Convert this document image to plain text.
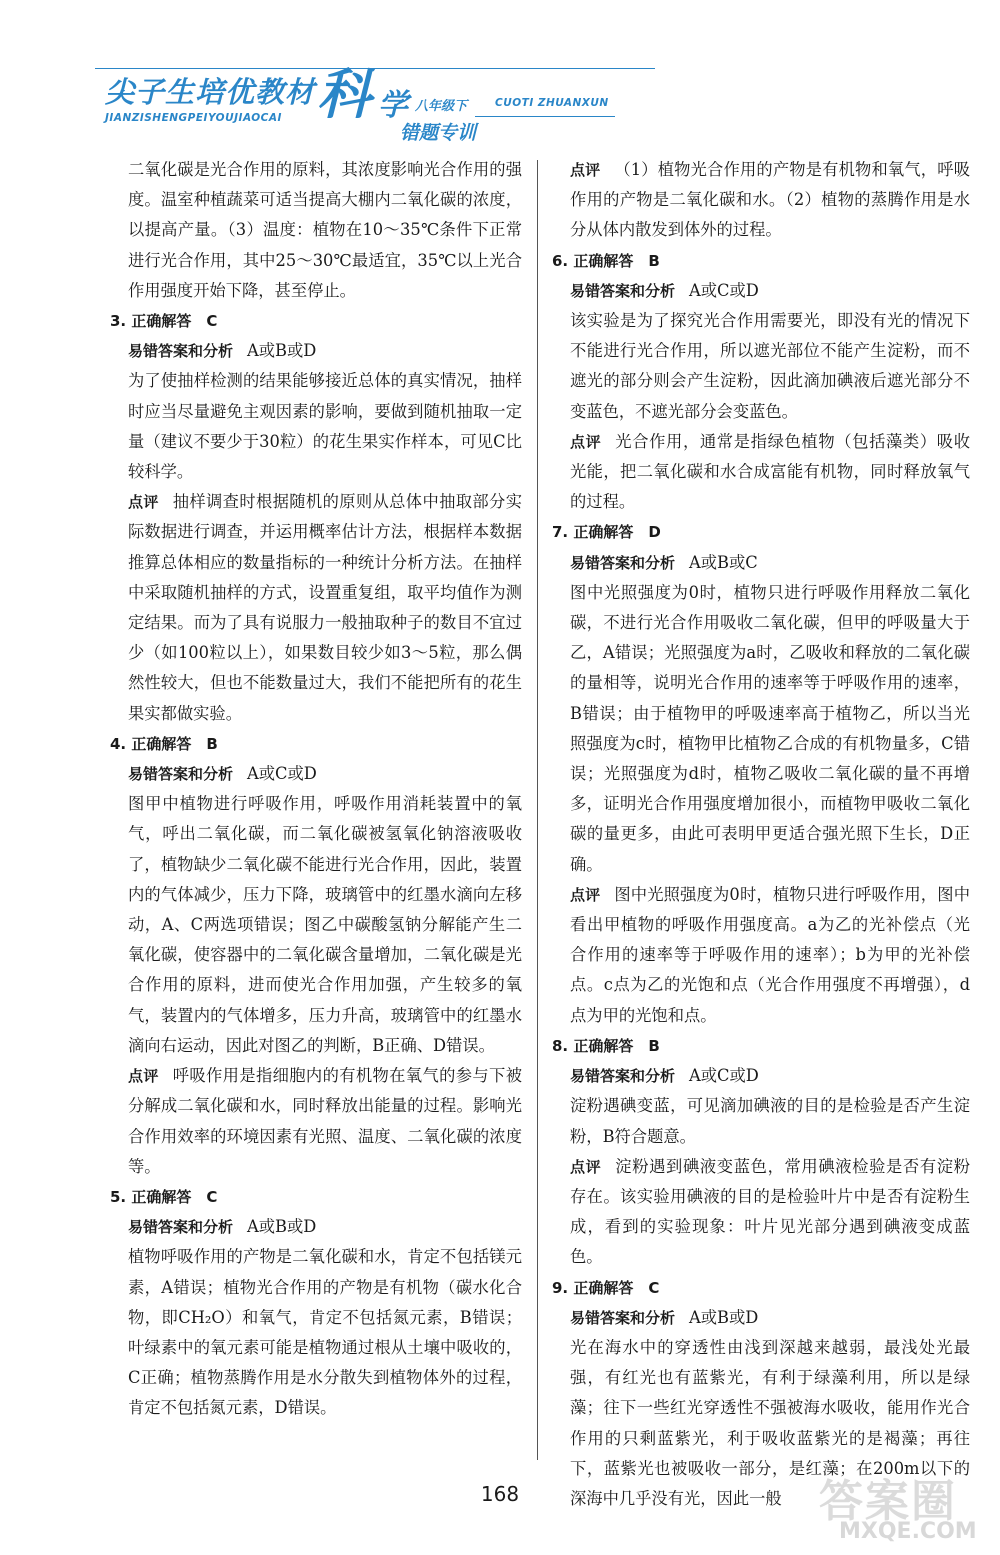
尖子生培优教材
JIANZISHENGPEIYOUJIAOCAI 科 学 八年级下	CUOTI ZHUANXUN
错题专训
二氧化碳是光合作用的原料，其浓度影响光合作用的强度。温室种植蔬菜可适当提高大棚内二氧化碳的浓度，以提高产量。（3）温度：植物在10～35℃条件下正常进行光合作用，其中25～30℃最适宜，35℃以上光合作用强度开始下降，甚至停止。
3. 正确解答　C
易错答案和分析 A或B或D
为了使抽样检测的结果能够接近总体的真实情况，抽样时应当尽量避免主观因素的影响，要做到随机抽取一定量（建议不要少于30粒）的花生果实作样本，可见C比较科学。
点评 抽样调查时根据随机的原则从总体中抽取部分实际数据进行调查，并运用概率估计方法，根据样本数据推算总体相应的数量指标的一种统计分析方法。在抽样中采取随机抽样的方式，设置重复组，取平均值作为测定结果。而为了具有说服力一般抽取种子的数目不宜过少（如100粒以上），如果数目较少如3～5粒，那么偶然性较大，但也不能数量过大，我们不能把所有的花生果实都做实验。
4. 正确解答　B
易错答案和分析 A或C或D
图甲中植物进行呼吸作用，呼吸作用消耗装置中的氧气，呼出二氧化碳，而二氧化碳被氢氧化钠溶液吸收了，植物缺少二氧化碳不能进行光合作用，因此，装置内的气体减少，压力下降，玻璃管中的红墨水滴向左移动，A、C两选项错误；图乙中碳酸氢钠分解能产生二氧化碳，使容器中的二氧化碳含量增加，二氧化碳是光合作用的原料，进而使光合作用加强，产生较多的氧气，装置内的气体增多，压力升高，玻璃管中的红墨水滴向右运动，因此对图乙的判断，B正确、D错误。
点评 呼吸作用是指细胞内的有机物在氧气的参与下被分解成二氧化碳和水，同时释放出能量的过程。影响光合作用效率的环境因素有光照、温度、二氧化碳的浓度等。
5. 正确解答　C
易错答案和分析 A或B或D
植物呼吸作用的产物是二氧化碳和水，肯定不包括镁元素，A错误；植物光合作用的产物是有机物（碳水化合物，即CH₂O）和氧气，肯定不包括氮元素，B错误；叶绿素中的氧元素可能是植物通过根从土壤中吸收的，C正确；植物蒸腾作用是水分散失到植物体外的过程，肯定不包括氮元素，D错误。
点评 （1）植物光合作用的产物是有机物和氧气，呼吸作用的产物是二氧化碳和水。（2）植物的蒸腾作用是水分从体内散发到体外的过程。
6. 正确解答　B
易错答案和分析 A或C或D
该实验是为了探究光合作用需要光，即没有光的情况下不能进行光合作用，所以遮光部位不能产生淀粉，而不遮光的部分则会产生淀粉，因此滴加碘液后遮光部分不变蓝色，不遮光部分会变蓝色。
点评 光合作用，通常是指绿色植物（包括藻类）吸收光能，把二氧化碳和水合成富能有机物，同时释放氧气的过程。
7. 正确解答　D
易错答案和分析 A或B或C
图中光照强度为0时，植物只进行呼吸作用释放二氧化碳，不进行光合作用吸收二氧化碳，但甲的呼吸量大于乙，A错误；光照强度为a时，乙吸收和释放的二氧化碳的量相等，说明光合作用的速率等于呼吸作用的速率，B错误；由于植物甲的呼吸速率高于植物乙，所以当光照强度为c时，植物甲比植物乙合成的有机物量多，C错误；光照强度为d时，植物乙吸收二氧化碳的量不再增多，证明光合作用强度增加很小，而植物甲吸收二氧化碳的量更多，由此可表明甲更适合强光照下生长，D正确。
点评 图中光照强度为0时，植物只进行呼吸作用，图中看出甲植物的呼吸作用强度高。a为乙的光补偿点（光合作用的速率等于呼吸作用的速率）；b为甲的光补偿点。c点为乙的光饱和点（光合作用强度不再增强），d点为甲的光饱和点。
8. 正确解答　B
易错答案和分析 A或C或D
淀粉遇碘变蓝，可见滴加碘液的目的是检验是否产生淀粉，B符合题意。
点评 淀粉遇到碘液变蓝色，常用碘液检验是否有淀粉存在。该实验用碘液的目的是检验叶片中是否有淀粉生成，看到的实验现象：叶片见光部分遇到碘液变成蓝色。
9. 正确解答　C
易错答案和分析 A或B或D
光在海水中的穿透性由浅到深越来越弱，最浅处光最强，有红光也有蓝紫光，有利于绿藻利用，所以是绿藻；往下一些红光穿透性不强被海水吸收，能用作光合作用的只剩蓝紫光，利于吸收蓝紫光的是褐藻；再往下，蓝紫光也被吸收一部分，是红藻；在200m以下的深海中几乎没有光，因此一般
168	答案圈
MXQE.COM
